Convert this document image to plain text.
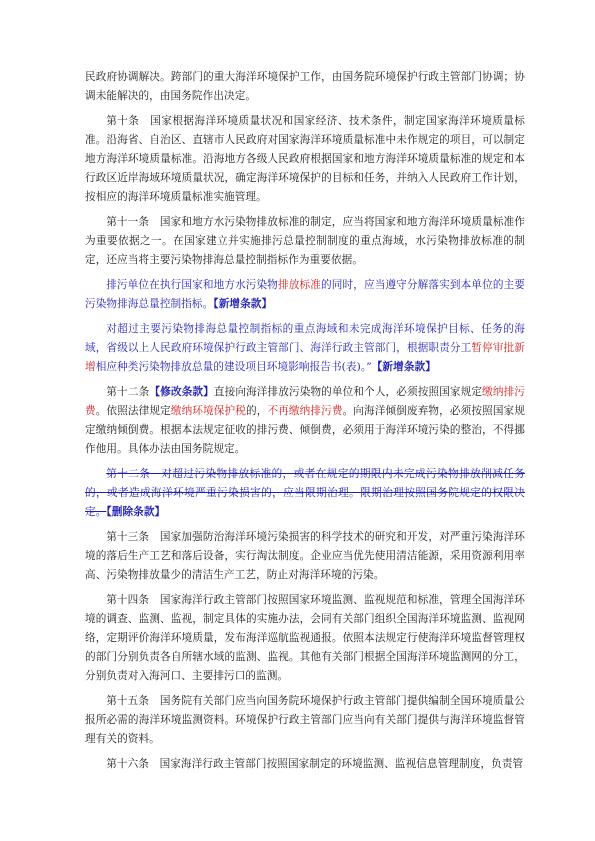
民政府协调解决。跨部门的重大海洋环境保护工作，由国务院环境保护行政主管部门协调；协调未能解决的，由国务院作出决定。

第十条　国家根据海洋环境质量状况和国家经济、技术条件，制定国家海洋环境质量标准。沿海省、自治区、直辖市人民政府对国家海洋环境质量标准中未作规定的项目，可以制定地方海洋环境质量标准。沿海地方各级人民政府根据国家和地方海洋环境质量标准的规定和本行政区近岸海域环境质量状况，确定海洋环境保护的目标和任务，并纳入人民政府工作计划，按相应的海洋环境质量标准实施管理。

第十一条　国家和地方水污染物排放标准的制定，应当将国家和地方海洋环境质量标准作为重要依据之一。在国家建立并实施排污总量控制制度的重点海域，水污染物排放标准的制定，还应当将主要污染物排海总量控制指标作为重要依据。

排污单位在执行国家和地方水污染物排放标准的同时，应当遵守分解落实到本单位的主要污染物排海总量控制指标。【新增条款】

对超过主要污染物排海总量控制指标的重点海域和未完成海洋环境保护目标、任务的海域，省级以上人民政府环境保护行政主管部门、海洋行政主管部门，根据职责分工暂停审批新增相应种类污染物排放总量的建设项目环境影响报告书(表)。”【新增条款】

第十二条【修改条款】直接向海洋排放污染物的单位和个人，必须按照国家规定缴纳排污费。依照法律规定缴纳环境保护税的，不再缴纳排污费。向海洋倾倒废弃物，必须按照国家规定缴纳倾倒费。根据本法规定征收的排污费、倾倒费，必须用于海洋环境污染的整治，不得挪作他用。具体办法由国务院规定。

第十二条　对超过污染物排放标准的，或者在规定的期限内未完成污染物排放削减任务的，或者造成海洋环境严重污染损害的，应当限期治理。限期治理按照国务院规定的权限决定。【删除条款】

第十三条　国家加强防治海洋环境污染损害的科学技术的研究和开发，对严重污染海洋环境的落后生产工艺和落后设备，实行淘汰制度。企业应当优先使用清洁能源，采用资源利用率高、污染物排放量少的清洁生产工艺，防止对海洋环境的污染。

第十四条　国家海洋行政主管部门按照国家环境监测、监视规范和标准，管理全国海洋环境的调查、监测、监视，制定具体的实施办法，会同有关部门组织全国海洋环境监测、监视网络，定期评价海洋环境质量，发布海洋巡航监视通报。依照本法规定行使海洋环境监督管理权的部门分别负责各自所辖水域的监测、监视。其他有关部门根据全国海洋环境监测网的分工，分别负责对入海河口、主要排污口的监测。

第十五条　国务院有关部门应当向国务院环境保护行政主管部门提供编制全国环境质量公报所必需的海洋环境监测资料。环境保护行政主管部门应当向有关部门提供与海洋环境监督管理有关的资料。

第十六条　国家海洋行政主管部门按照国家制定的环境监测、监视信息管理制度，负责管
